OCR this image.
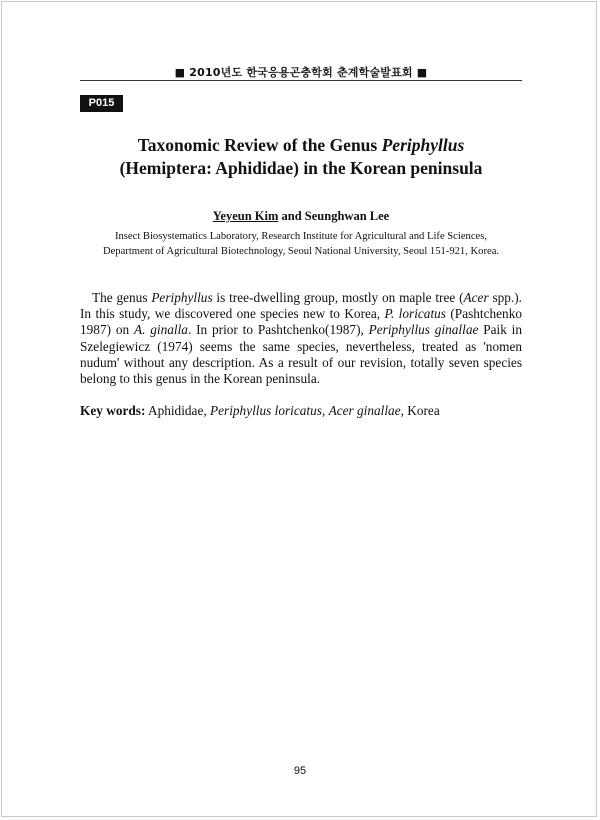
■ 2010년도 한국응용곤충학회 춘계학술발표회 ■
P015
Taxonomic Review of the Genus Periphyllus
(Hemiptera: Aphididae) in the Korean peninsula
Yeyeun Kim and Seunghwan Lee
Insect Biosystematics Laboratory, Research Institute for Agricultural and Life Sciences,
Department of Agricultural Biotechnology, Seoul National University, Seoul 151-921, Korea.
The genus Periphyllus is tree-dwelling group, mostly on maple tree (Acer spp.). In this study, we discovered one species new to Korea, P. loricatus (Pashtchenko 1987) on A. ginalla. In prior to Pashtchenko(1987), Periphyllus ginallae Paik in Szelegiewicz (1974) seems the same species, nevertheless, treated as 'nomen nudum' without any description. As a result of our revision, totally seven species belong to this genus in the Korean peninsula.
Key words: Aphididae, Periphyllus loricatus, Acer ginallae, Korea
95
